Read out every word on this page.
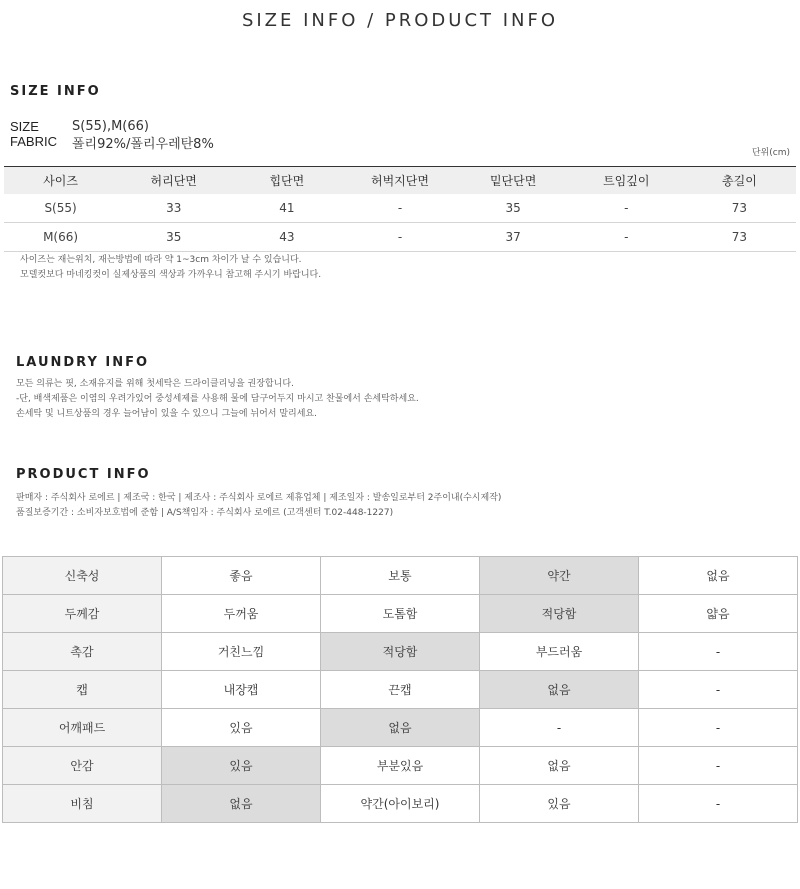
SIZE INFO / PRODUCT INFO
SIZE INFO
SIZE	S(55),M(66)
FABRIC 폴리92%/폴리우레탄8%
단위(cm)
사이즈	허리단면	힙단면	허벅지단면	밑단단면	트임깊이	총길이
S(55)	33	41	-	35	-	73
M(66)	35	43	-	37	-	73
사이즈는 재는위치, 재는방법에 따라 약 1~3cm 차이가 날 수 있습니다.
모델컷보다 마네킹컷이 실제상품의 색상과 가까우니 참고해 주시기 바랍니다.
LAUNDRY INFO
모든 의류는 핏, 소재유지를 위해 첫세탁은 드라이클리닝을 권장합니다.
-단, 배색제품은 이염의 우려가있어 중성세제를 사용해 물에 담구어두지 마시고 찬물에서 손세탁하세요.
손세탁 및 니트상품의 경우 늘어남이 있을 수 있으니 그늘에 뉘어서 말리세요.
PRODUCT INFO
판매자 : 주식회사 로에르 | 제조국 : 한국 | 제조사 : 주식회사 로에르 제휴업체 | 제조일자 : 발송일로부터 2주이내(수시제작)
품질보증기간 : 소비자보호법에 준함 | A/S책임자 : 주식회사 로에르 (고객센터 T.02-448-1227)
신축성	좋음	보통	약간	없음
두께감	두꺼움	도톰함	적당함	얇음
촉감	거친느낌	적당함	부드러움	-
캡	내장캡	끈캡	없음	-
어깨패드	있음	없음	-	-
안감	있음	부분있음	없음	-
비침	없음	약간(아이보리)	있음	-
